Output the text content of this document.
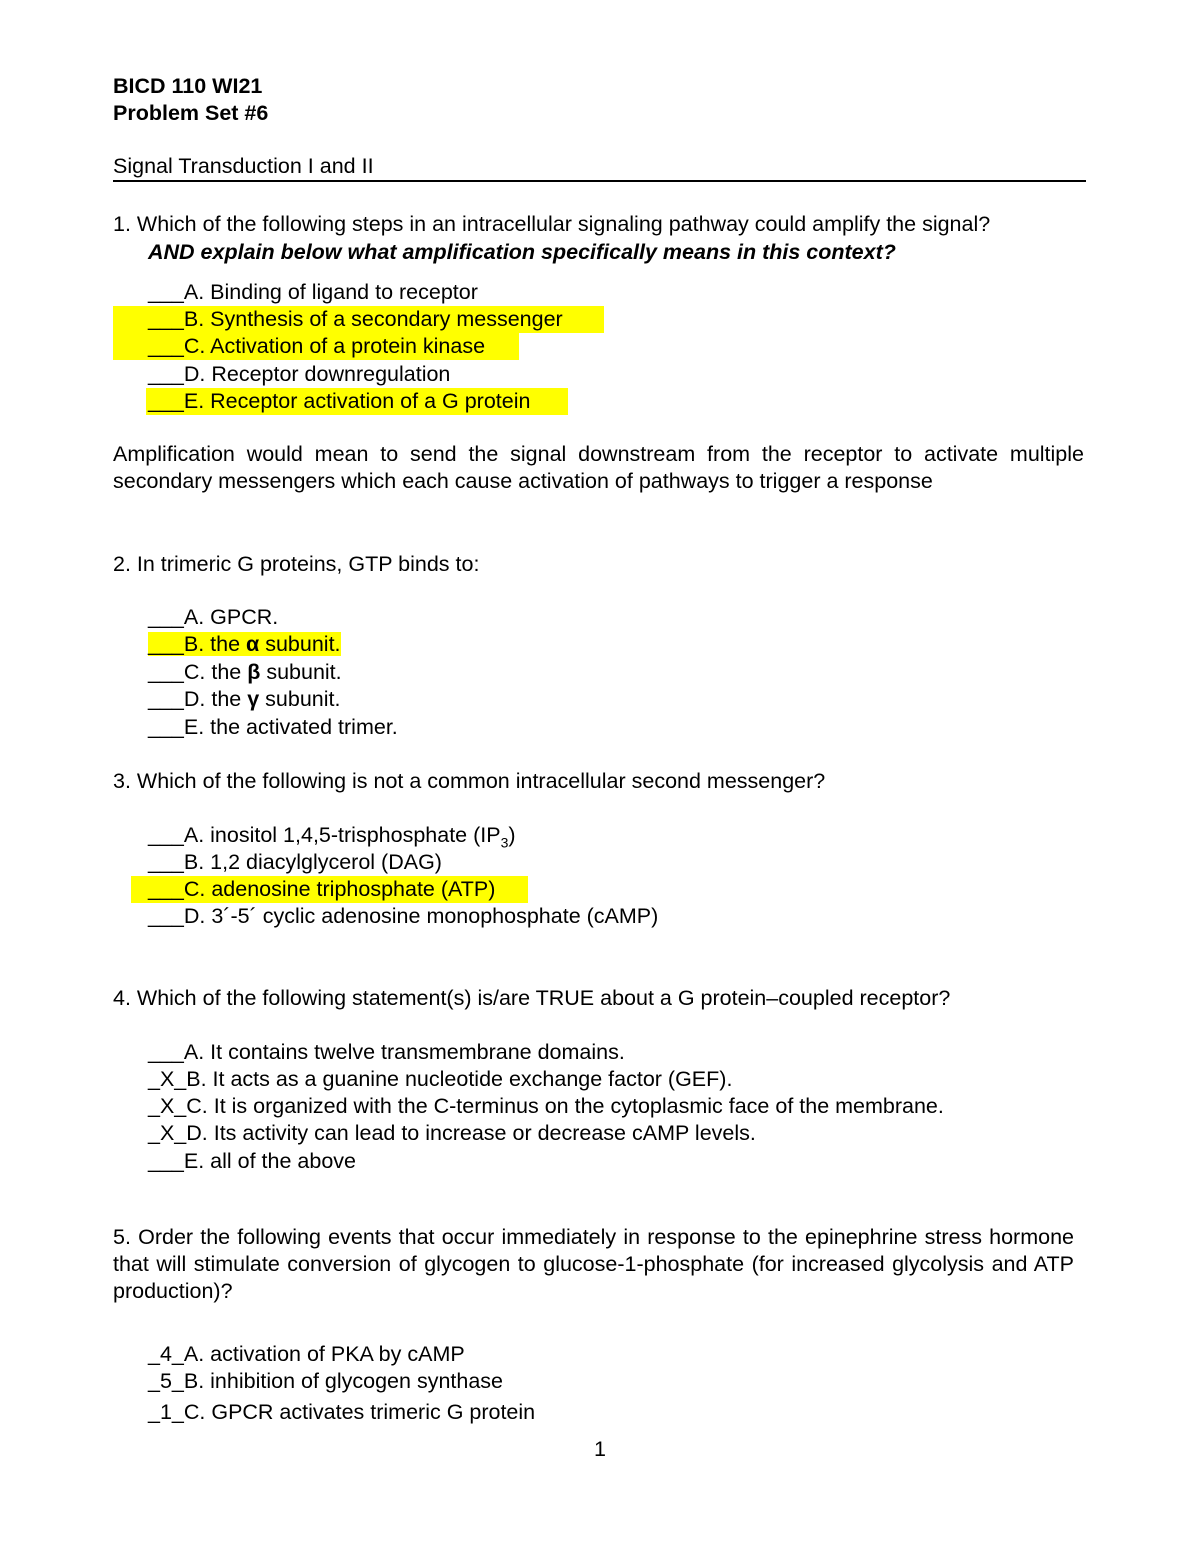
BICD 110 WI21
Problem Set #6
Signal Transduction I and II
1. Which of the following steps in an intracellular signaling pathway could amplify the signal?
AND explain below what amplification specifically means in this context?
___A. Binding of ligand to receptor
___B. Synthesis of a secondary messenger
___C. Activation of a protein kinase
___D. Receptor downregulation
___E. Receptor activation of a G protein
Amplification would mean to send the signal downstream from the receptor to activate multiple secondary messengers which each cause activation of pathways to trigger a response
2. In trimeric G proteins, GTP binds to:
___A. GPCR.
___B. the α subunit.
___C. the β subunit.
___D. the γ subunit.
___E. the activated trimer.
3. Which of the following is not a common intracellular second messenger?
___A. inositol 1,4,5-trisphosphate $(IP_3)$
___B. 1,2 diacylglycerol (DAG)
___C. adenosine triphosphate (ATP)
___D. 3´-5´ cyclic adenosine monophosphate (cAMP)
4. Which of the following statement(s) is/are TRUE about a G protein–coupled receptor?
___A. It contains twelve transmembrane domains.
_X_B. It acts as a guanine nucleotide exchange factor (GEF).
_X_C. It is organized with the C-terminus on the cytoplasmic face of the membrane.
_X_D. Its activity can lead to increase or decrease cAMP levels.
___E. all of the above
5. Order the following events that occur immediately in response to the epinephrine stress hormone that will stimulate conversion of glycogen to glucose-1-phosphate (for increased glycolysis and ATP production)?
_4_A. activation of PKA by cAMP
_5_B. inhibition of glycogen synthase
_1_C. GPCR activates trimeric G protein
1
